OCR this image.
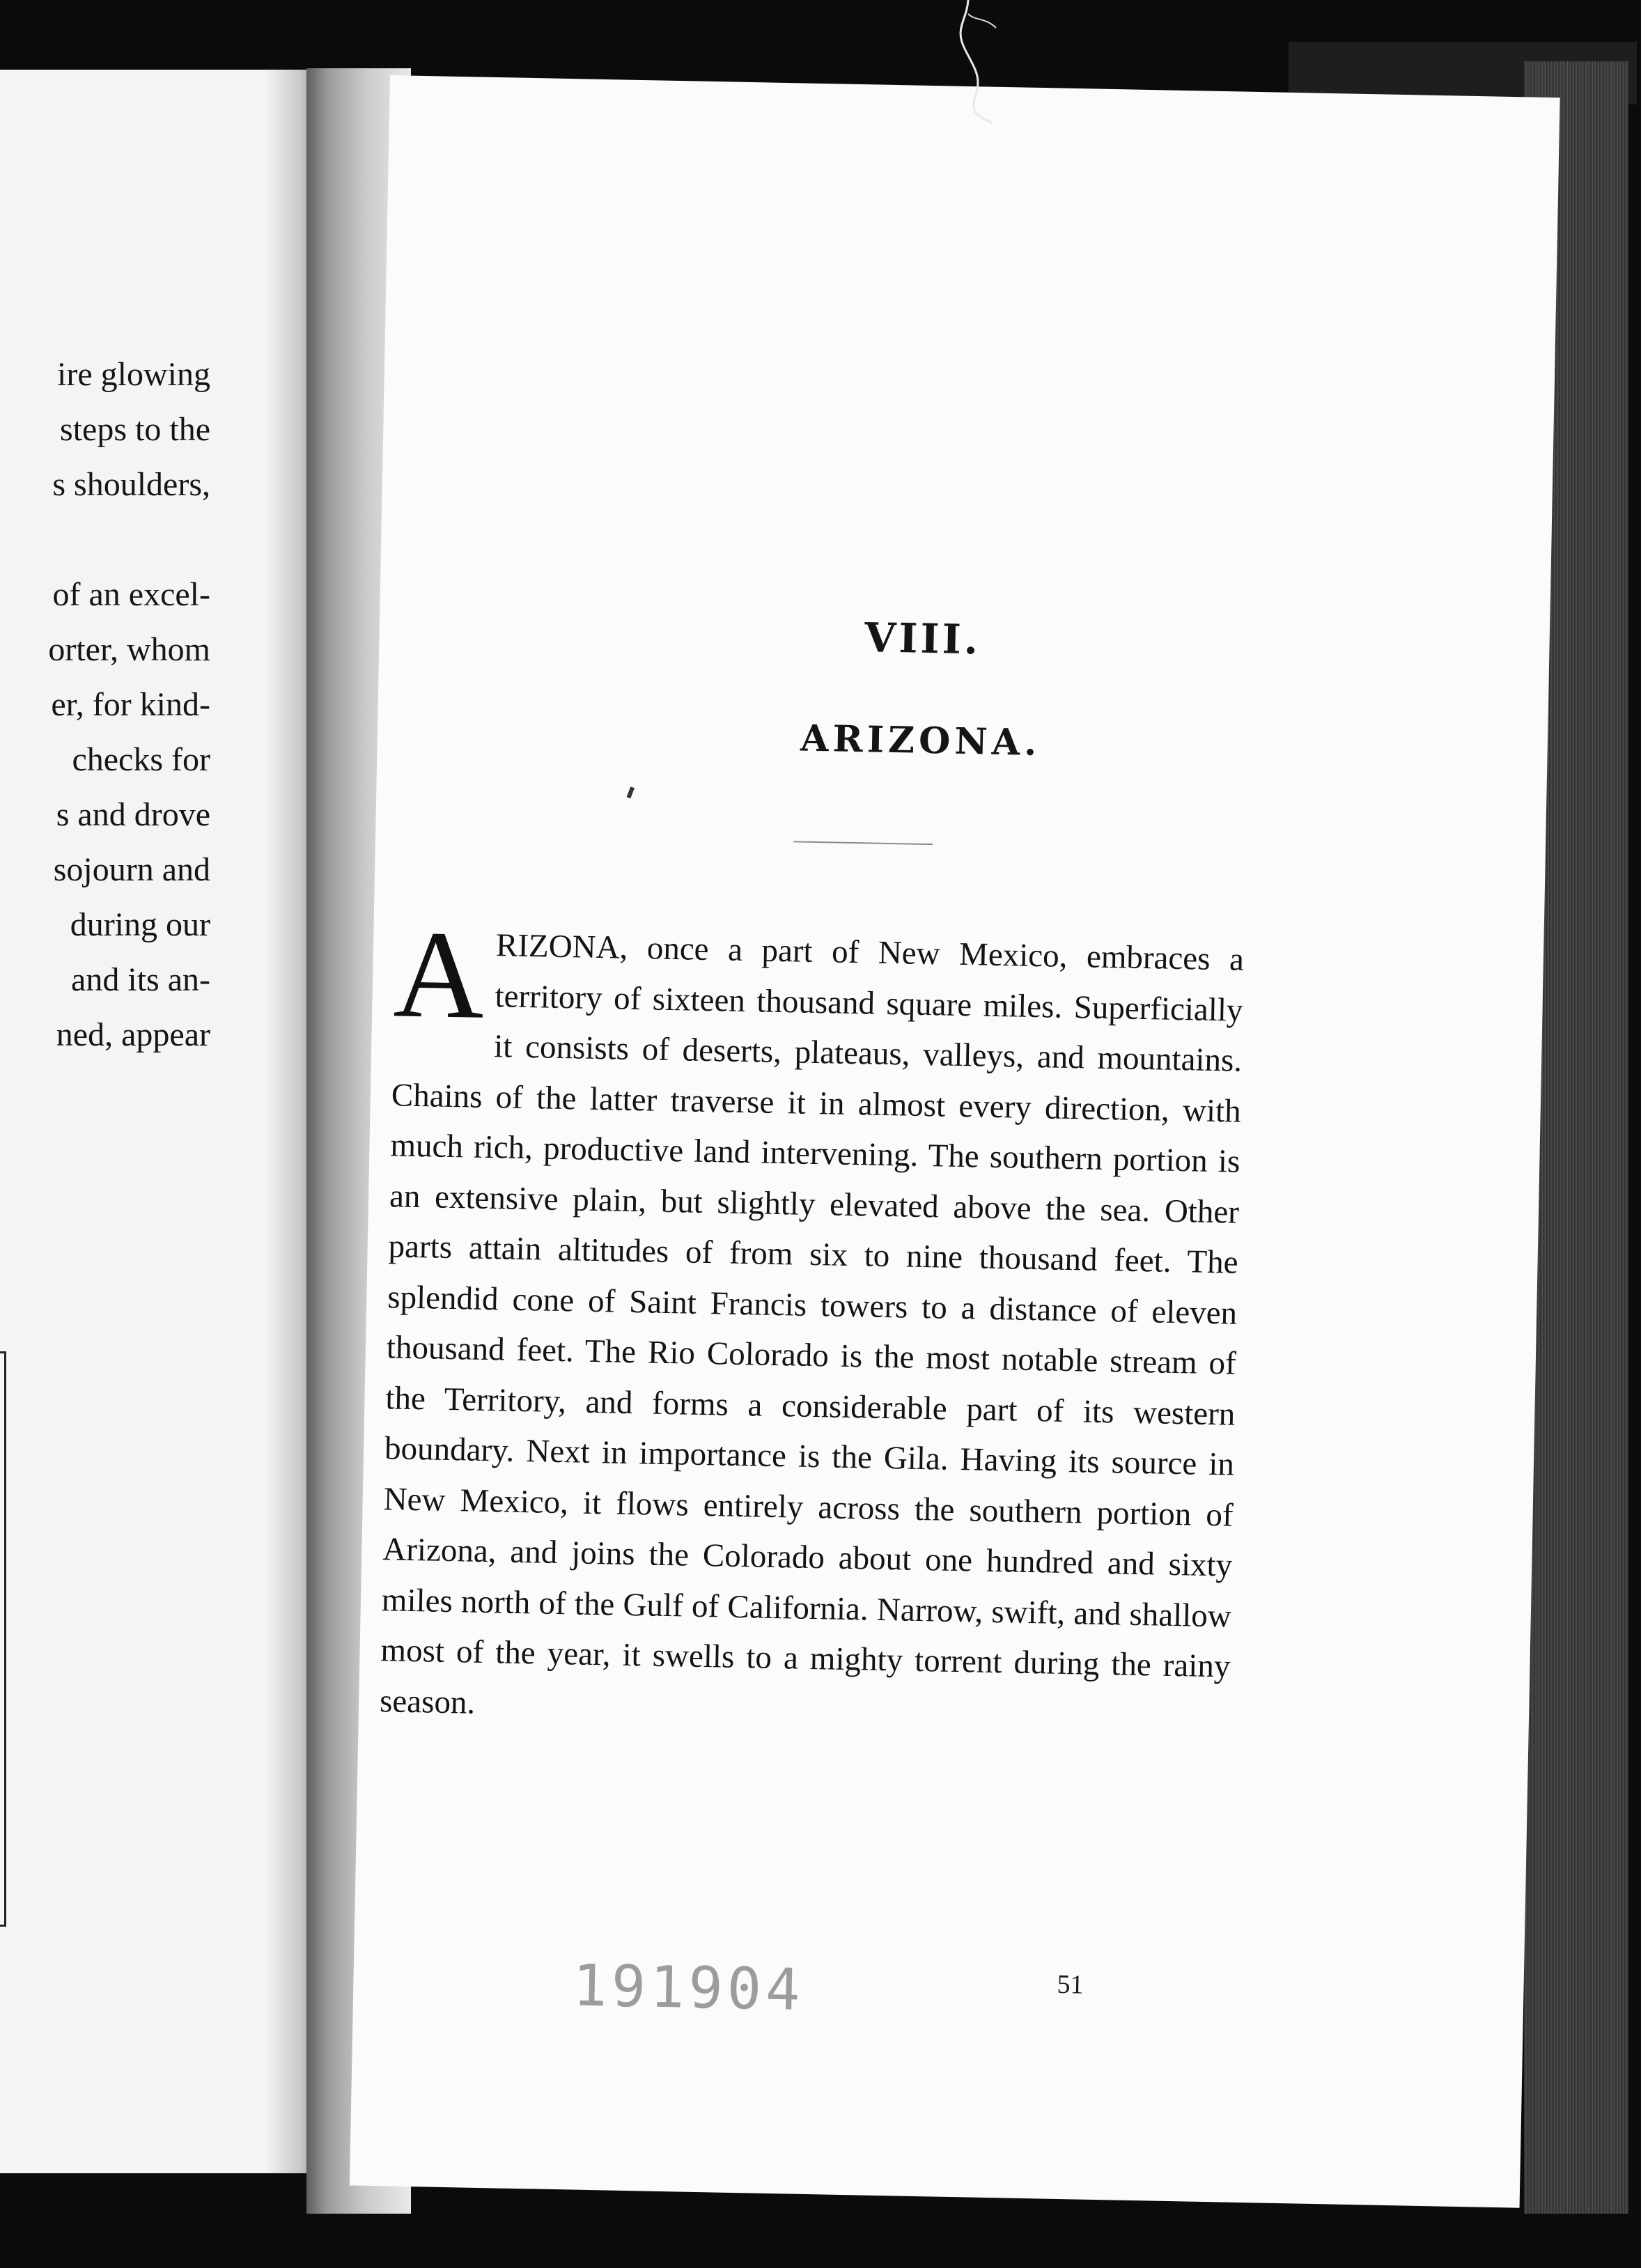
ire glowing
steps to the
s shoulders,
of an excel-
orter, whom
er, for kind-
checks for
s and drove
sojourn and
during our
and its an-
ned, appear
VIII.
ARIZONA.
ARIZONA, once a part of New Mexico, embraces a territory of sixteen thousand square miles. Superficially it consists of deserts, plateaus, valleys, and mountains. Chains of the latter traverse it in almost every direction, with much rich, productive land intervening. The southern portion is an extensive plain, but slightly elevated above the sea. Other parts attain altitudes of from six to nine thousand feet. The splendid cone of Saint Francis towers to a distance of eleven thousand feet. The Rio Colorado is the most notable stream of the Territory, and forms a considerable part of its western boundary. Next in importance is the Gila. Having its source in New Mexico, it flows entirely across the southern portion of Arizona, and joins the Colorado about one hundred and sixty miles north of the Gulf of California. Narrow, swift, and shallow most of the year, it swells to a mighty torrent during the rainy season.
191904	51
